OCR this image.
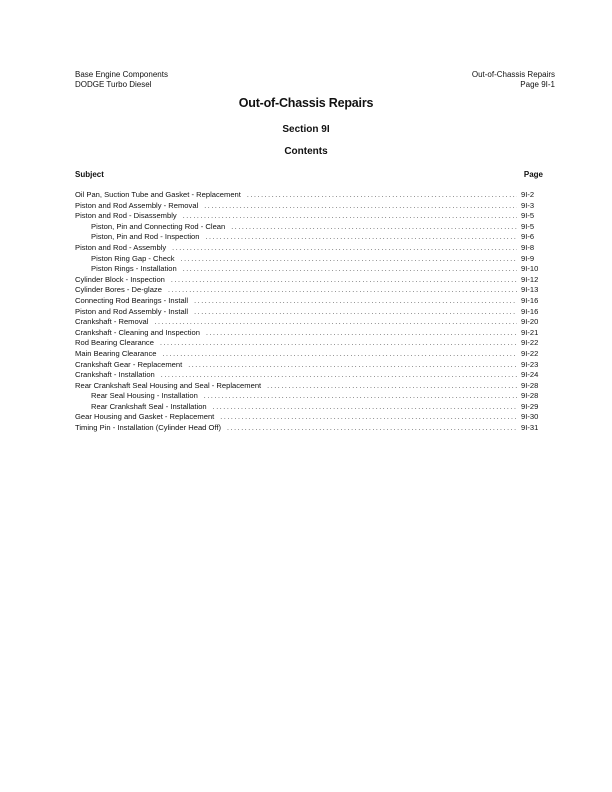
Base Engine Components
DODGE Turbo Diesel
Out-of-Chassis Repairs
Page 9I-1
Out-of-Chassis Repairs
Section 9I
Contents
Subject	Page
Oil Pan, Suction Tube and Gasket - Replacement .....	9I-2
Piston and Rod Assembly - Removal .....	9I-3
Piston and Rod - Disassembly .....	9I-5
Piston, Pin and Connecting Rod - Clean .....	9I-5
Piston, Pin and Rod - Inspection .....	9I-6
Piston and Rod - Assembly .....	9I-8
Piston Ring Gap - Check .....	9I-9
Piston Rings - Installation .....	9I-10
Cylinder Block - Inspection .....	9I-12
Cylinder Bores - De-glaze .....	9I-13
Connecting Rod Bearings - Install .....	9I-16
Piston and Rod Assembly - Install .....	9I-16
Crankshaft - Removal .....	9I-20
Crankshaft - Cleaning and Inspection .....	9I-21
Rod Bearing Clearance .....	9I-22
Main Bearing Clearance .....	9I-22
Crankshaft Gear - Replacement .....	9I-23
Crankshaft - Installation .....	9I-24
Rear Crankshaft Seal Housing and Seal - Replacement .....	9I-28
Rear Seal Housing - Installation .....	9I-28
Rear Crankshaft Seal - Installation .....	9I-29
Gear Housing and Gasket - Replacement .....	9I-30
Timing Pin - Installation (Cylinder Head Off) .....	9I-31
